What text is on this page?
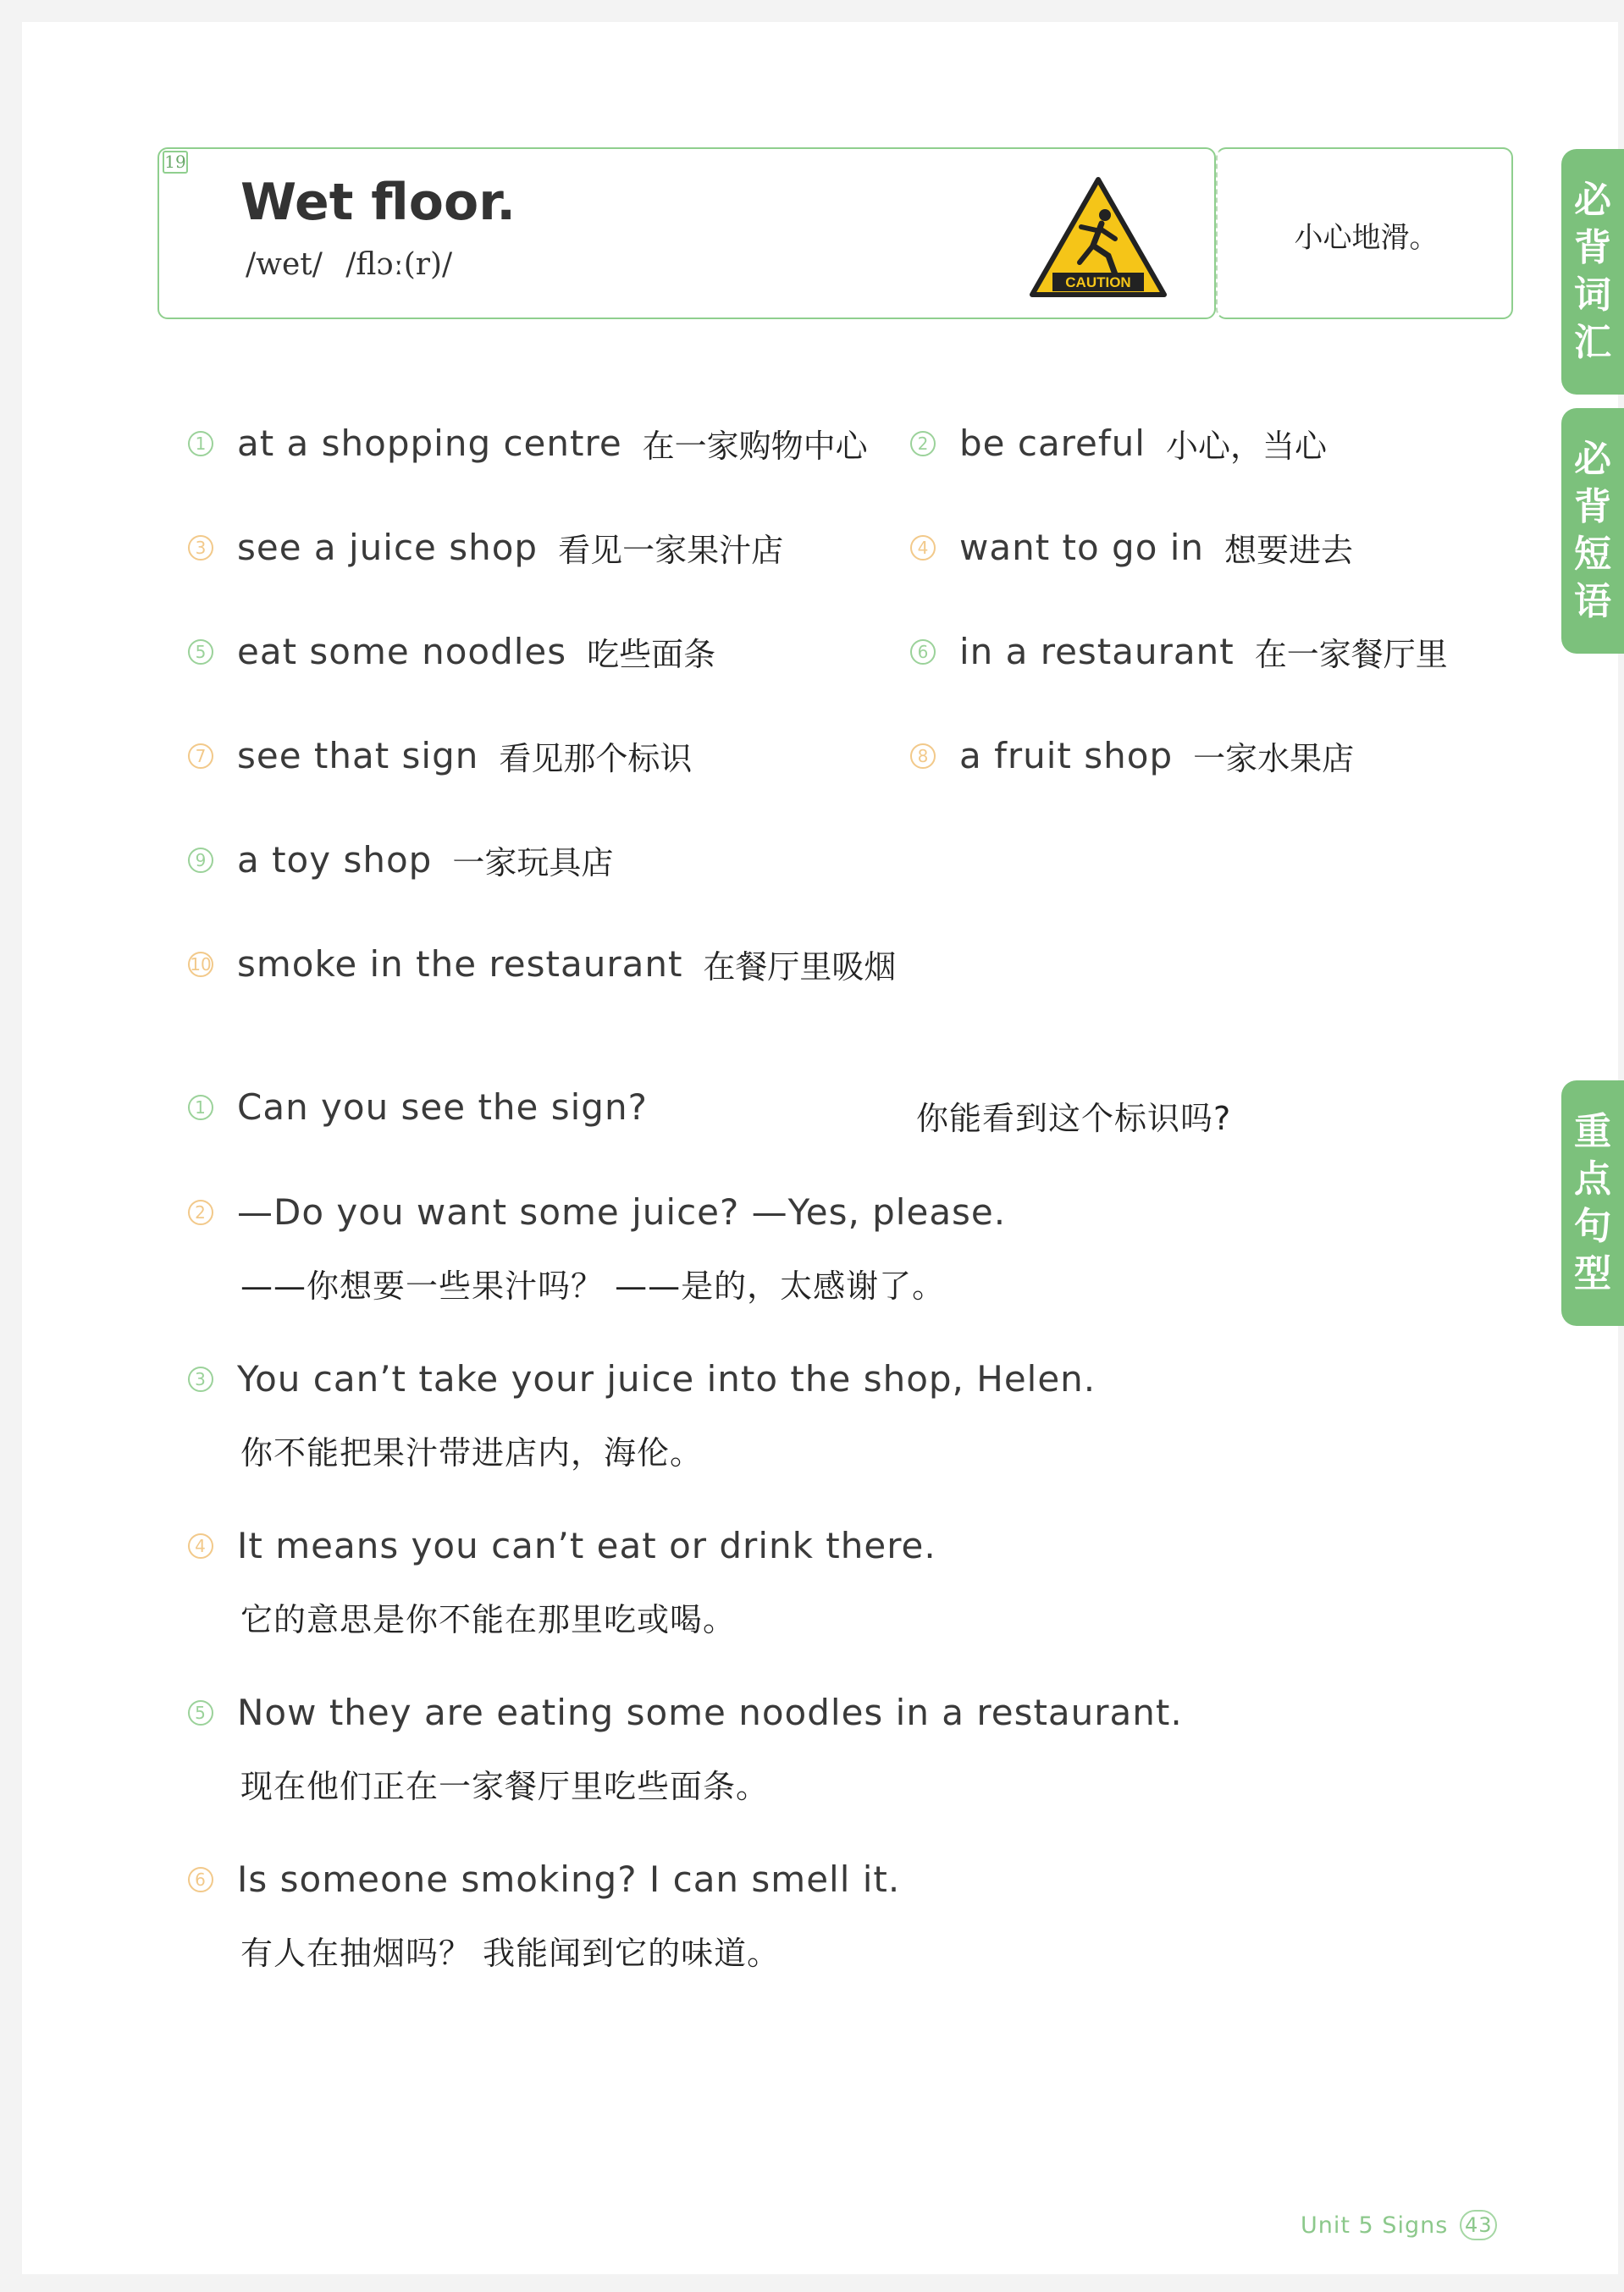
19
Wet floor.
/wet/ /flɔː(r)/
CAUTION
小心地滑。
必
背
词
汇
必
背
短
语
重
点
句
型
1 at a shopping centre 在一家购物中心	2 be careful 小心，当心
3 see a juice shop 看见一家果汁店	4 want to go in 想要进去
5 eat some noodles 吃些面条	6 in a restaurant 在一家餐厅里
7 see that sign 看见那个标识	8 a fruit shop 一家水果店
9 a toy shop 一家玩具店
10 smoke in the restaurant 在餐厅里吸烟
1 Can you see the sign?	你能看到这个标识吗?
2 —Do you want some juice? —Yes, please.
——你想要一些果汁吗？ ——是的，太感谢了。
3 You can’t take your juice into the shop, Helen.
你不能把果汁带进店内，海伦。
4 It means you can’t eat or drink there.
它的意思是你不能在那里吃或喝。
5 Now they are eating some noodles in a restaurant.
现在他们正在一家餐厅里吃些面条。
6 Is someone smoking? I can smell it.
有人在抽烟吗？ 我能闻到它的味道。
Unit 5 Signs 43
